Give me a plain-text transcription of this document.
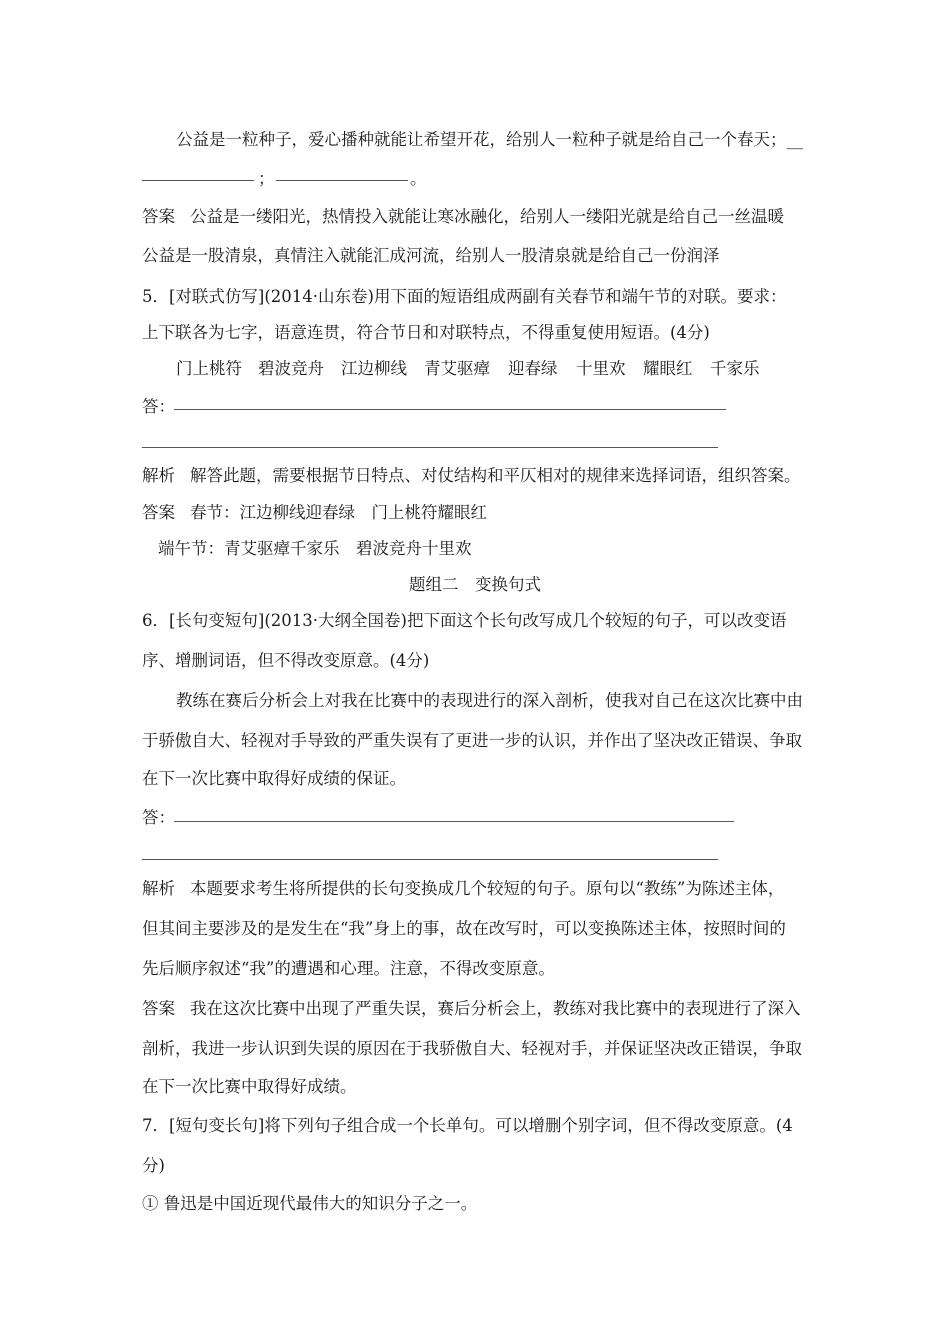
公益是一粒种子，爱心播种就能让希望开花，给别人一粒种子就是给自己一个春天；__
；	。
答案 公益是一缕阳光，热情投入就能让寒冰融化，给别人一缕阳光就是给自己一丝温暖
公益是一股清泉，真情注入就能汇成河流，给别人一股清泉就是给自己一份润泽
5．[对联式仿写](2014·山东卷)用下面的短语组成两副有关春节和端午节的对联。要求：
上下联各为七字，语意连贯，符合节日和对联特点，不得重复使用短语。(4分)
门上桃符 碧波竞舟 江边柳线 青艾驱瘴 迎春绿 十里欢 耀眼红 千家乐
答：
解析 解答此题，需要根据节日特点、对仗结构和平仄相对的规律来选择词语，组织答案。
答案 春节：江边柳线迎春绿　门上桃符耀眼红
端午节：青艾驱瘴千家乐　碧波竞舟十里欢
题组二　变换句式
6．[长句变短句](2013·大纲全国卷)把下面这个长句改写成几个较短的句子，可以改变语
序、增删词语，但不得改变原意。(4分)
教练在赛后分析会上对我在比赛中的表现进行的深入剖析，使我对自己在这次比赛中由
于骄傲自大、轻视对手导致的严重失误有了更进一步的认识，并作出了坚决改正错误、争取
在下一次比赛中取得好成绩的保证。
答：
解析 本题要求考生将所提供的长句变换成几个较短的句子。原句以“教练”为陈述主体，
但其间主要涉及的是发生在“我”身上的事，故在改写时，可以变换陈述主体，按照时间的
先后顺序叙述“我”的遭遇和心理。注意，不得改变原意。
答案 我在这次比赛中出现了严重失误，赛后分析会上，教练对我比赛中的表现进行了深入
剖析，我进一步认识到失误的原因在于我骄傲自大、轻视对手，并保证坚决改正错误，争取
在下一次比赛中取得好成绩。
7．[短句变长句]将下列句子组合成一个长单句。可以增删个别字词，但不得改变原意。(4
分)
① 鲁迅是中国近现代最伟大的知识分子之一。
